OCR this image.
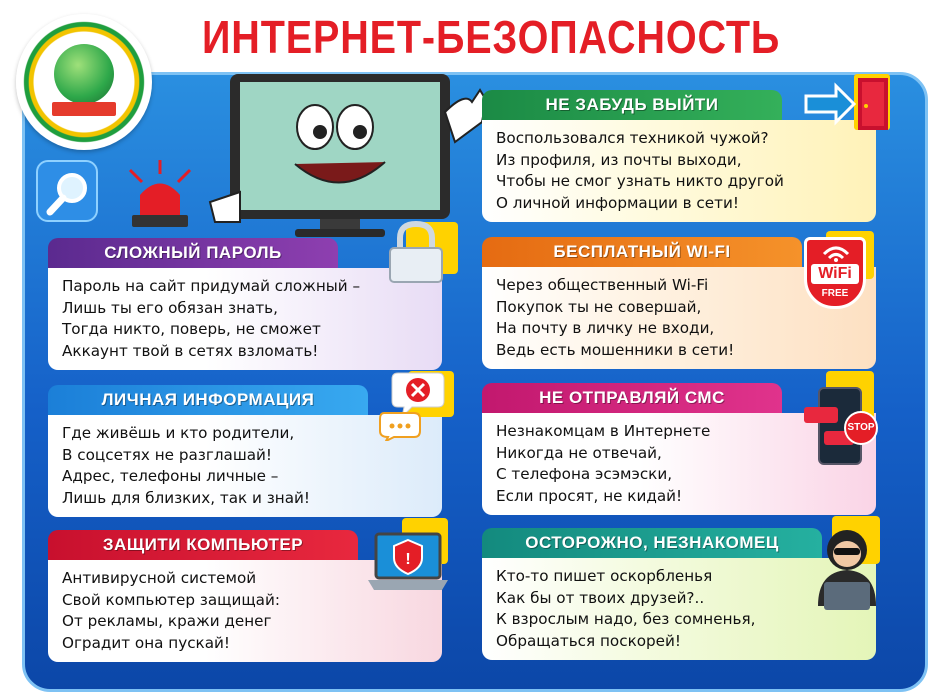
ИНТЕРНЕТ-БЕЗОПАСНОСТЬ
СЛОЖНЫЙ ПАРОЛЬ
Пароль на сайт придумай сложный –
Лишь ты его обязан знать,
Тогда никто, поверь, не сможет
Аккаунт твой в сетях взломать!
ЛИЧНАЯ ИНФОРМАЦИЯ
Где живёшь и кто родители,
В соцсетях не разглашай!
Адрес, телефоны личные –
Лишь для близких, так и знай!
ЗАЩИТИ КОМПЬЮТЕР
Антивирусной системой
Свой компьютер защищай:
От рекламы, кражи денег
Оградит она пускай!
!
НЕ ЗАБУДЬ ВЫЙТИ
Воспользовался техникой чужой?
Из профиля, из почты выходи,
Чтобы не смог узнать никто другой
О личной информации в сети!
БЕСПЛАТНЫЙ WI-FI
Через общественный Wi-Fi
Покупок ты не совершай,
На почту в личку не входи,
Ведь есть мошенники в сети!
WiFi
FREE
НЕ ОТПРАВЛЯЙ СМС
Незнакомцам в Интернете
Никогда не отвечай,
С телефона эсэмэски,
Если просят, не кидай!
STOP
ОСТОРОЖНО, НЕЗНАКОМЕЦ
Кто-то пишет оскорбленья
Как бы от твоих друзей?..
К взрослым надо, без сомненья,
Обращаться поскорей!
